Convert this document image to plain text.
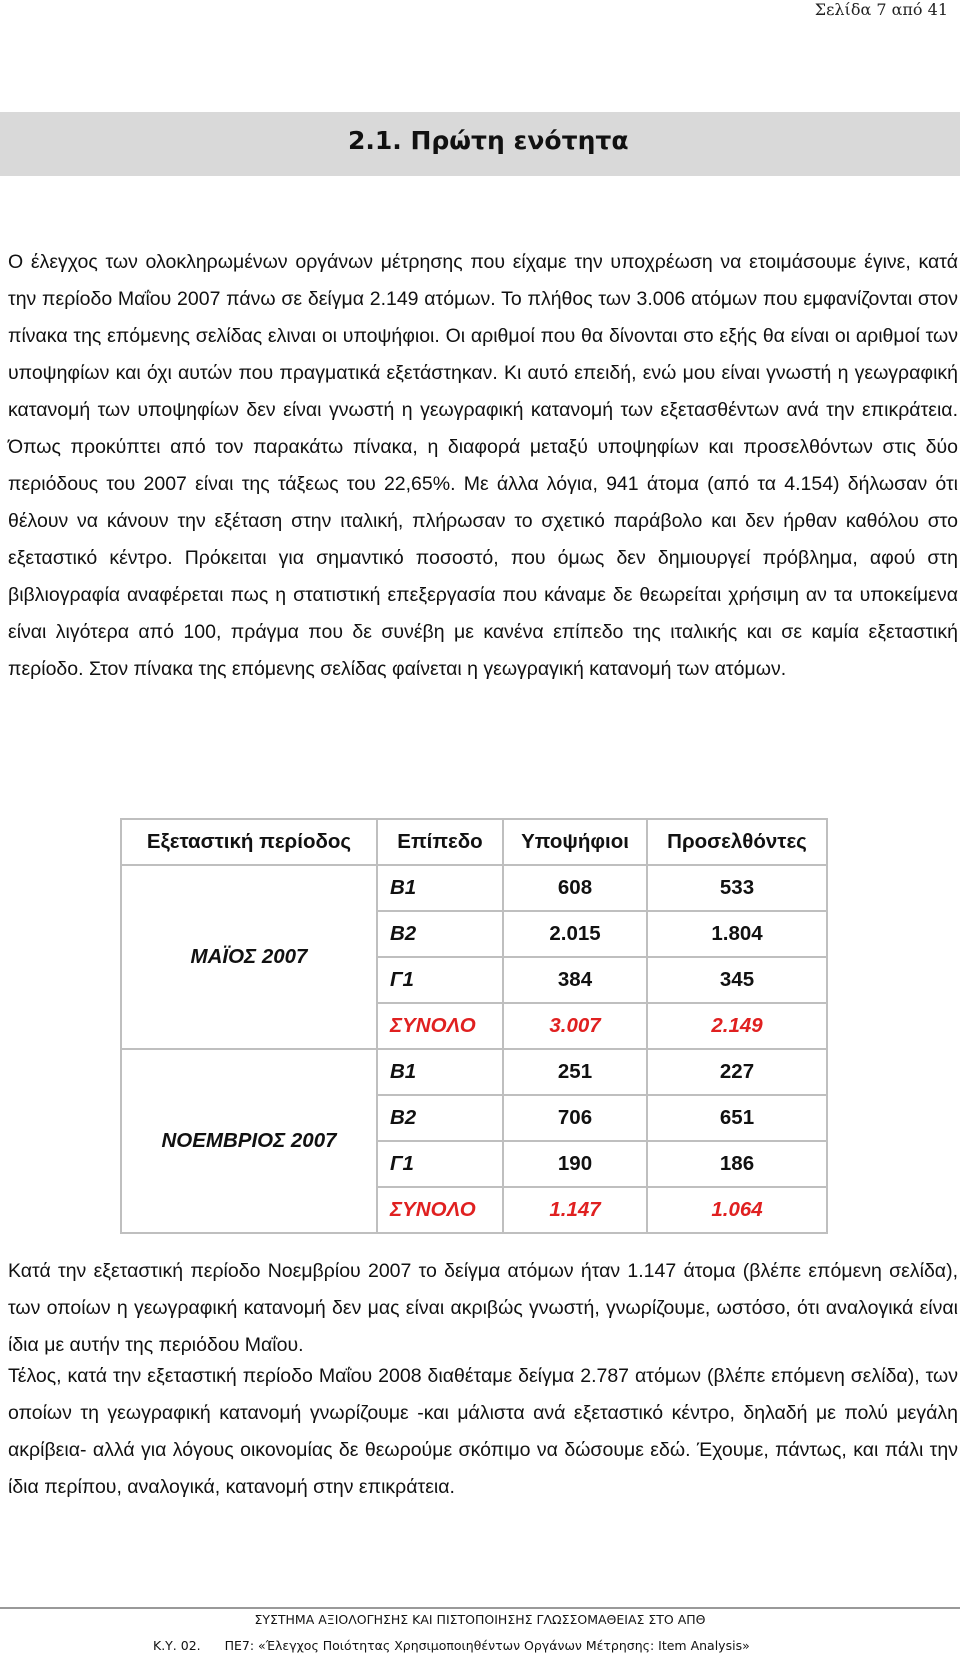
Σελίδα 7 από 41
2.1. Πρώτη ενότητα

Ο έλεγχος των ολοκληρωμένων οργάνων μέτρησης που είχαμε την υποχρέωση να ετοιμάσουμε έγινε, κατά την περίοδο Μαΐου 2007 πάνω σε δείγμα 2.149 ατόμων. Το πλήθος των 3.006 ατόμων που εμφανίζονται στον πίνακα της επόμενης σελίδας ελιναι οι υποψήφιοι. Οι αριθμοί που θα δίνονται στο εξής θα είναι οι αριθμοί των υποψηφίων και όχι αυτών που πραγματικά εξετάστηκαν. Κι αυτό επειδή, ενώ μου είναι γνωστή η γεωγραφική κατανομή των υποψηφίων δεν είναι γνωστή η γεωγραφική κατανομή των εξετασθέντων ανά την επικράτεια. Όπως προκύπτει από τον παρακάτω πίνακα, η διαφορά μεταξύ υποψηφίων και προσελθόντων στις δύο περιόδους του 2007 είναι της τάξεως του 22,65%. Με άλλα λόγια, 941 άτομα (από τα 4.154) δήλωσαν ότι θέλουν να κάνουν την εξέταση στην ιταλική, πλήρωσαν το σχετικό παράβολο και δεν ήρθαν καθόλου στο εξεταστικό κέντρο. Πρόκειται για σημαντικό ποσοστό, που όμως δεν δημιουργεί πρόβλημα, αφού στη βιβλιογραφία αναφέρεται πως η στατιστική επεξεργασία που κάναμε δε θεωρείται χρήσιμη αν τα υποκείμενα είναι λιγότερα από 100, πράγμα που δε συνέβη με κανένα επίπεδο της ιταλικής και σε καμία εξεταστική περίοδο. Στον πίνακα της επόμενης σελίδας φαίνεται η γεωγραγική κατανομή των ατόμων.

Εξεταστική περίοδος	Επίπεδο	Υποψήφιοι	Προσελθόντες
ΜΑΪΟΣ 2007	Β1	608	533
	Β2	2.015	1.804
	Γ1	384	345
	ΣΥΝΟΛΟ	3.007	2.149
ΝΟΕΜΒΡΙΟΣ 2007	Β1	251	227
	Β2	706	651
	Γ1	190	186
	ΣΥΝΟΛΟ	1.147	1.064

Κατά την εξεταστική περίοδο Νοεμβρίου 2007 το δείγμα ατόμων ήταν 1.147 άτομα (βλέπε επόμενη σελίδα), των οποίων η γεωγραφική κατανομή δεν μας είναι ακριβώς γνωστή, γνωρίζουμε, ωστόσο, ότι αναλογικά είναι ίδια με αυτήν της περιόδου Μαΐου.

Τέλος, κατά την εξεταστική περίοδο Μαΐου 2008 διαθέταμε δείγμα 2.787 ατόμων (βλέπε επόμενη σελίδα), των οποίων τη γεωγραφική κατανομή γνωρίζουμε -και μάλιστα ανά εξεταστικό κέντρο, δηλαδή με πολύ μεγάλη ακρίβεια- αλλά για λόγους οικονομίας δε θεωρούμε σκόπιμο να δώσουμε εδώ. Έχουμε, πάντως, και πάλι την ίδια περίπου, αναλογικά, κατανομή στην επικράτεια.

ΣΥΣΤΗΜΑ ΑΞΙΟΛΟΓΗΣΗΣ ΚΑΙ ΠΙΣΤΟΠΟΙΗΣΗΣ ΓΛΩΣΣΟΜΑΘΕΙΑΣ ΣΤΟ ΑΠΘ
Κ.Υ. 02. ΠΕ7: «Έλεγχος Ποιότητας Χρησιμοποιηθέντων Οργάνων Μέτρησης: Item Analysis»
